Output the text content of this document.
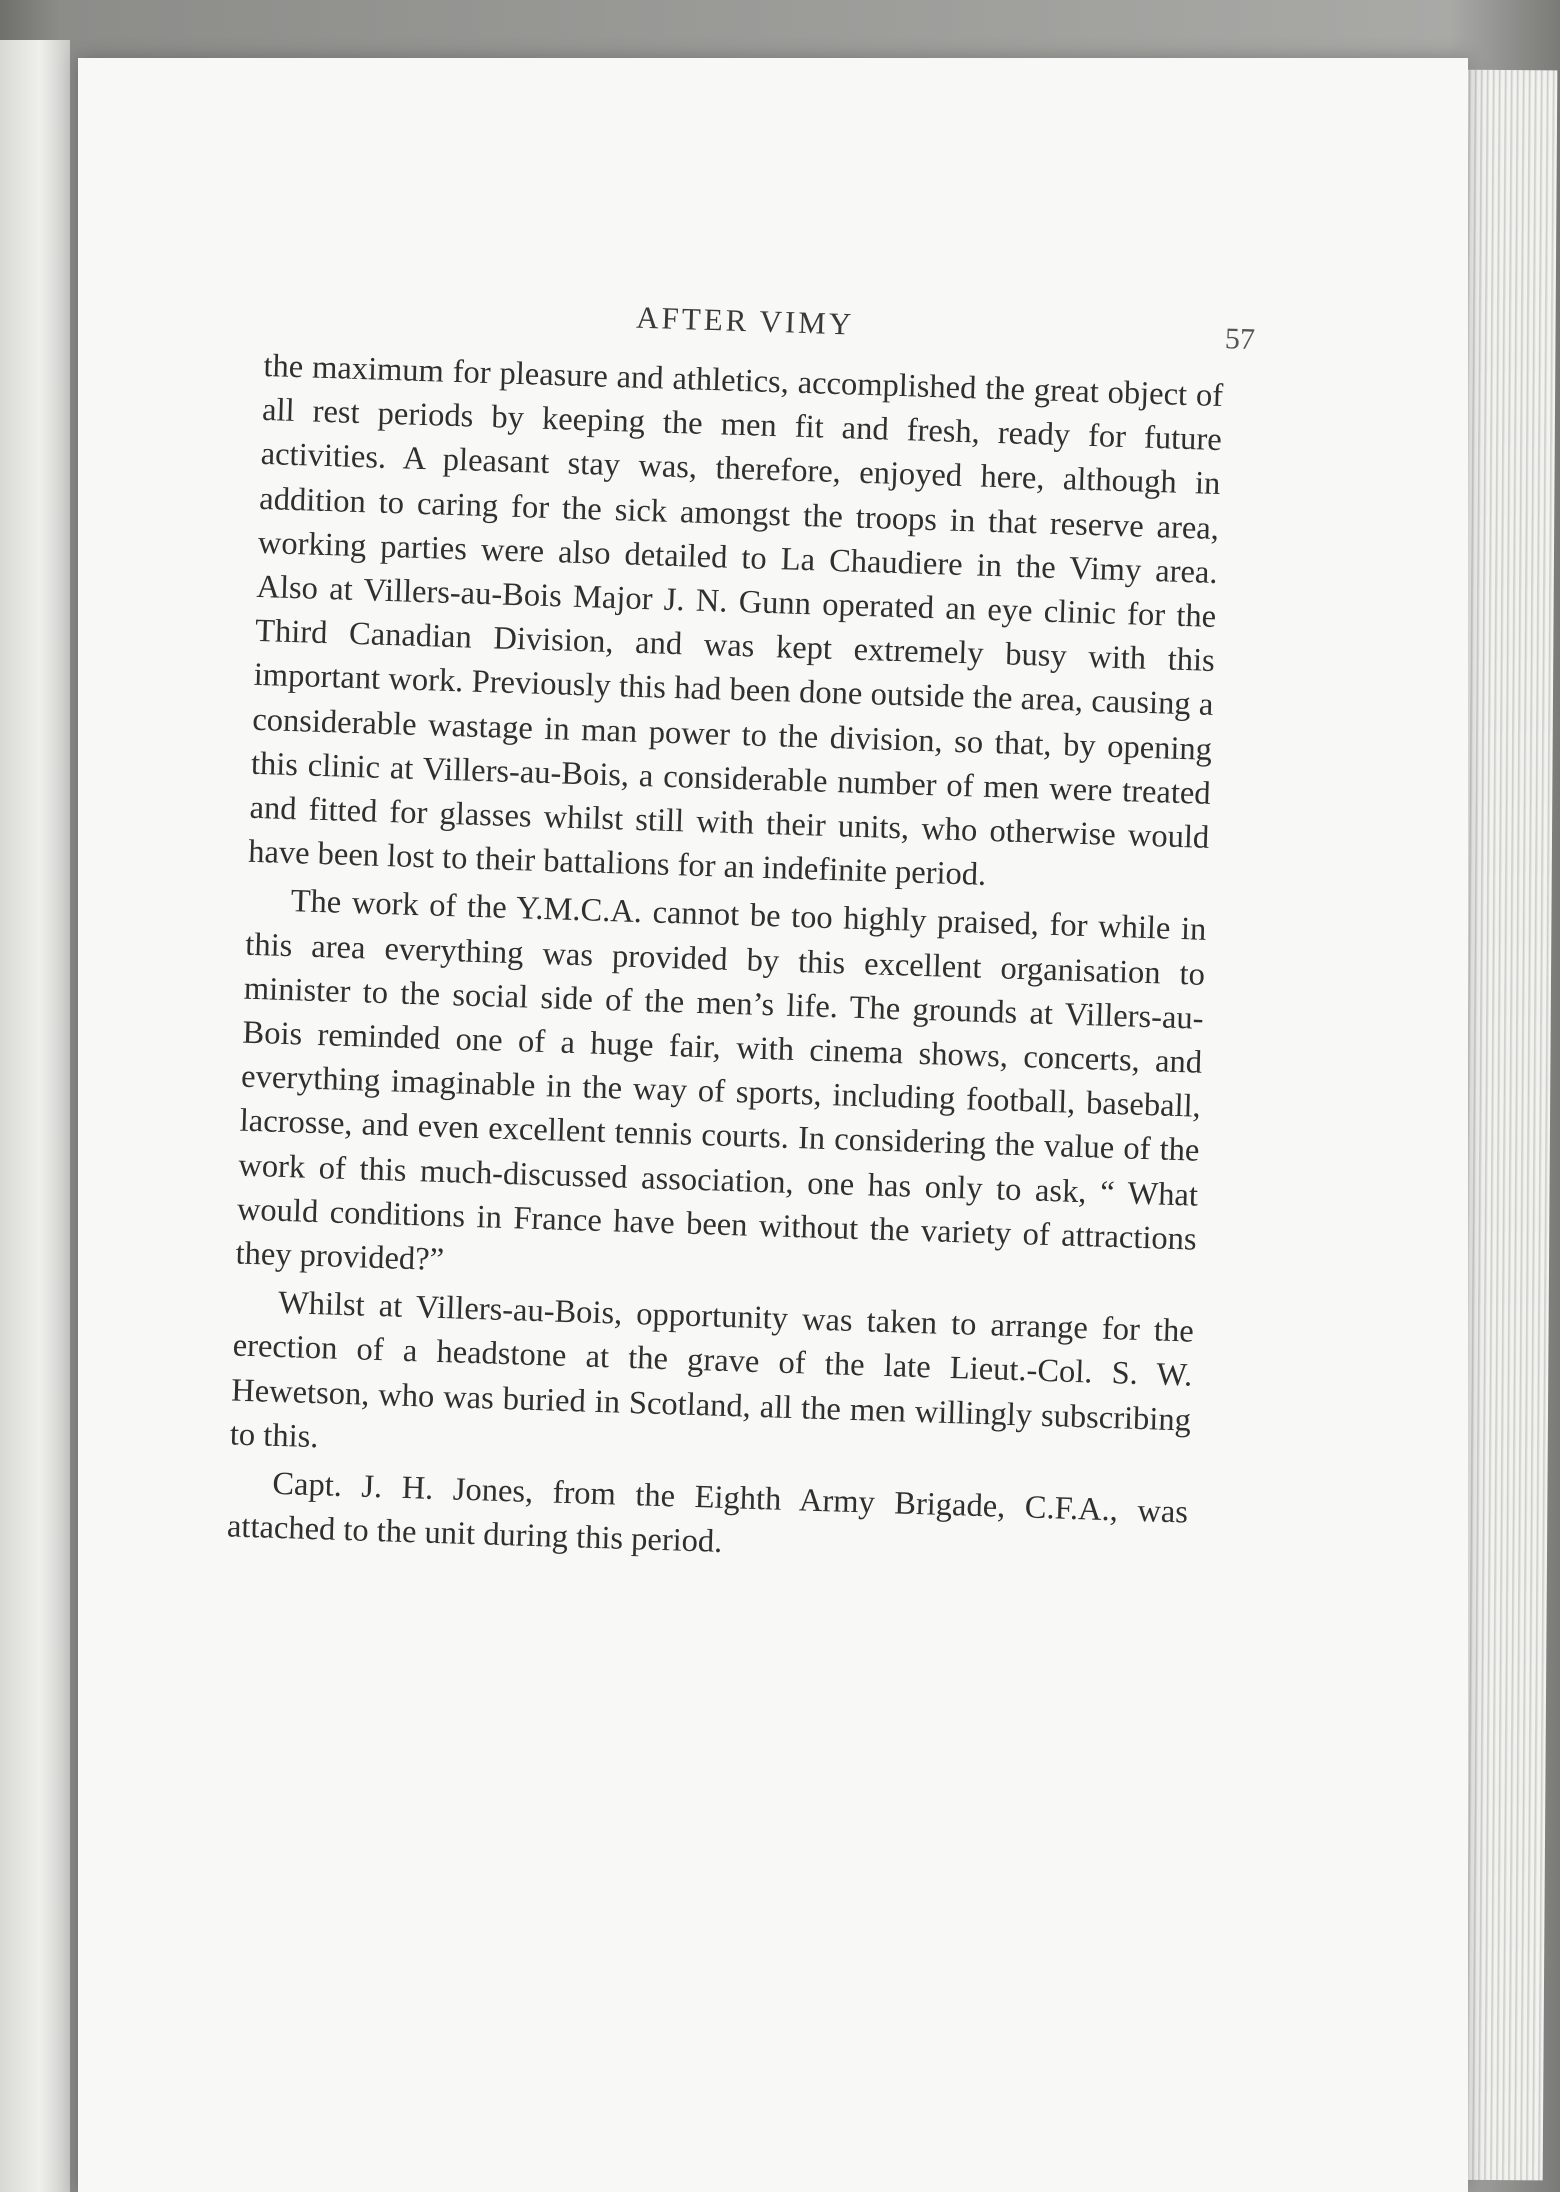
AFTER VIMY	57

the maximum for pleasure and athletics, accomplished the great object of all rest periods by keeping the men fit and fresh, ready for future activities. A pleasant stay was, therefore, enjoyed here, although in addition to caring for the sick amongst the troops in that reserve area, working parties were also detailed to La Chaudiere in the Vimy area. Also at Villers-au-Bois Major J. N. Gunn operated an eye clinic for the Third Canadian Division, and was kept extremely busy with this important work. Previously this had been done outside the area, causing a considerable wastage in man power to the division, so that, by opening this clinic at Villers-au-Bois, a considerable number of men were treated and fitted for glasses whilst still with their units, who otherwise would have been lost to their battalions for an indefinite period.

The work of the Y.M.C.A. cannot be too highly praised, for while in this area everything was provided by this excellent organisation to minister to the social side of the men’s life. The grounds at Villers-au-Bois reminded one of a huge fair, with cinema shows, concerts, and everything imaginable in the way of sports, including football, baseball, lacrosse, and even excellent tennis courts. In considering the value of the work of this much-discussed association, one has only to ask, “ What would conditions in France have been without the variety of attractions they provided?”

Whilst at Villers-au-Bois, opportunity was taken to arrange for the erection of a headstone at the grave of the late Lieut.-Col. S. W. Hewetson, who was buried in Scotland, all the men willingly subscribing to this.

Capt. J. H. Jones, from the Eighth Army Brigade, C.F.A., was attached to the unit during this period.
